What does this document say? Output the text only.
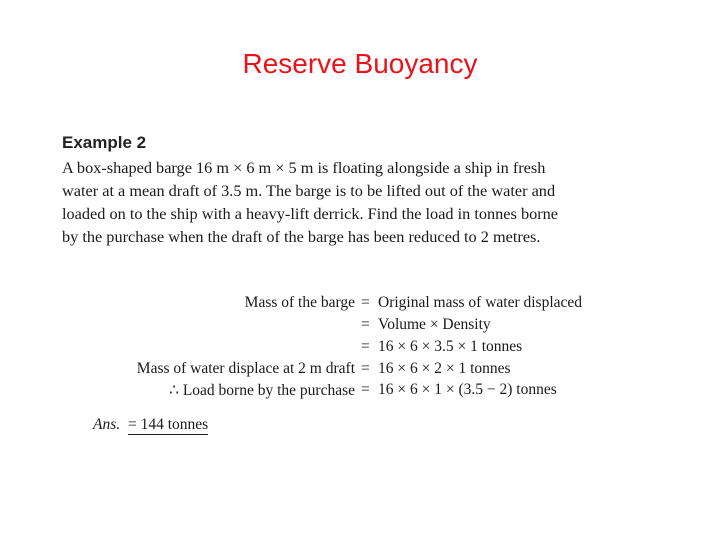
Reserve Buoyancy
Example 2
A box-shaped barge 16 m × 6 m × 5 m is floating alongside a ship in fresh
water at a mean draft of 3.5 m. The barge is to be lifted out of the water and
loaded on to the ship with a heavy-lift derrick. Find the load in tonnes borne
by the purchase when the draft of the barge has been reduced to 2 metres.
Mass of the barge = Original mass of water displaced
= Volume × Density
= 16 × 6 × 3.5 × 1 tonnes
Mass of water displace at 2 m draft = 16 × 6 × 2 × 1 tonnes
∴ Load borne by the purchase = 16 × 6 × 1 × (3.5 − 2) tonnes
Ans. = 144 tonnes
